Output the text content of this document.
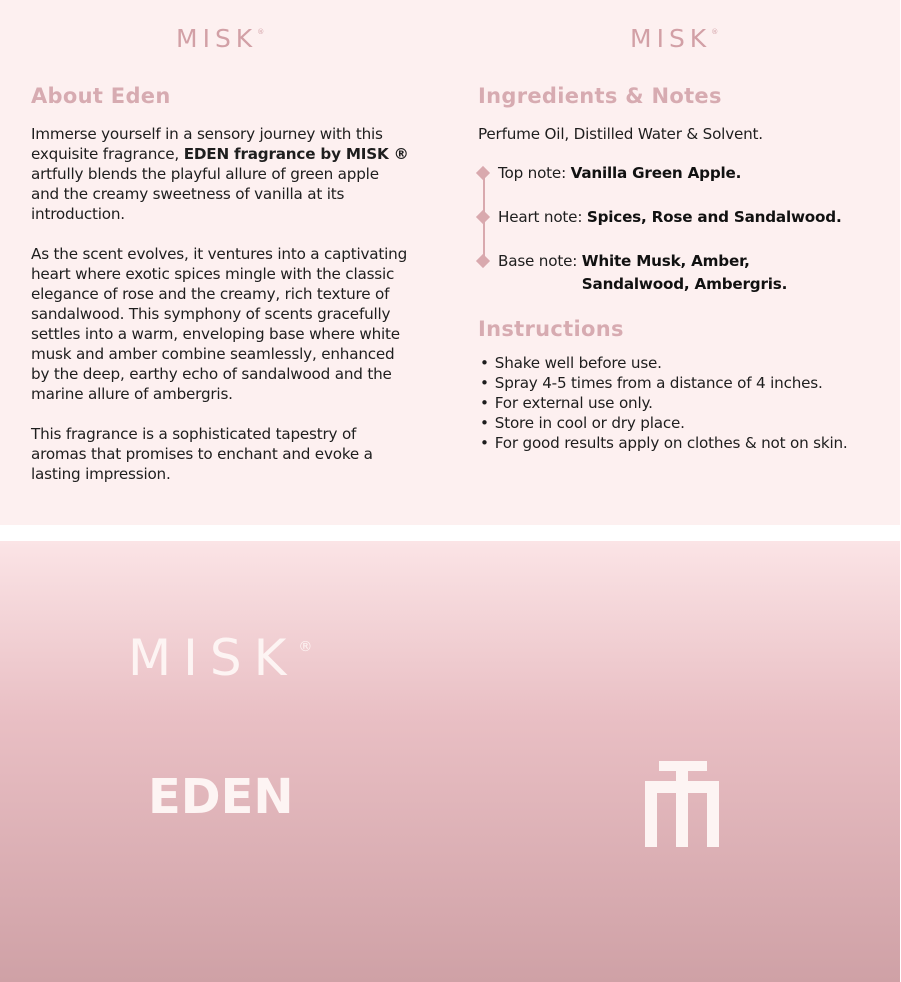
MISK®	MISK®
About Eden

Immerse yourself in a sensory journey with this exquisite fragrance, EDEN fragrance by MISK ® artfully blends the playful allure of green apple and the creamy sweetness of vanilla at its introduction.

As the scent evolves, it ventures into a captivating heart where exotic spices mingle with the classic elegance of rose and the creamy, rich texture of sandalwood. This symphony of scents gracefully settles into a warm, enveloping base where white musk and amber combine seamlessly, enhanced by the deep, earthy echo of sandalwood and the marine allure of ambergris.

This fragrance is a sophisticated tapestry of aromas that promises to enchant and evoke a lasting impression.

Ingredients & Notes

Perfume Oil, Distilled Water & Solvent.

Top note: Vanilla Green Apple.
Heart note: Spices, Rose and Sandalwood.
Base note: White Musk, Amber, Sandalwood, Ambergris.
Instructions
• Shake well before use.
• Spray 4-5 times from a distance of 4 inches.
• For external use only.
• Store in cool or dry place.
• For good results apply on clothes & not on skin.
MISK®
EDEN
